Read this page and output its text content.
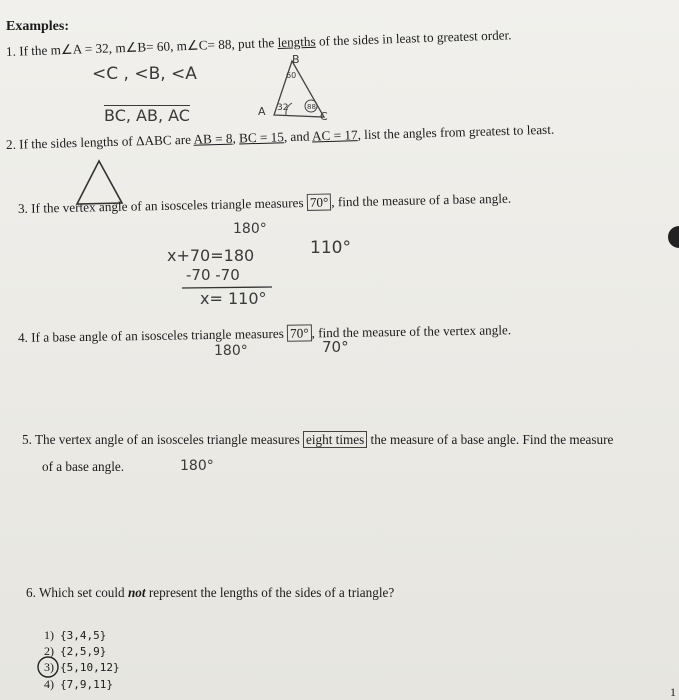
Examples:
1. If the m∠A = 32, m∠B= 60, m∠C= 88, put the lengths of the sides in least to greatest order.
<C , <B, <A
BC, AB, AC
B
60
A 32	88
C
2. If the sides lengths of ΔABC are AB = 8, BC = 15, and AC = 17, list the angles from greatest to least.
3. If the vertex angle of an isosceles triangle measures 70° , find the measure of a base angle.
180°
x+70=180
-70 -70
x= 110°
110°
4. If a base angle of an isosceles triangle measures 70° , find the measure of the vertex angle.
180°	70°
5. The vertex angle of an isosceles triangle measures eight times the measure of a base angle. Find the measure
of a base angle.	180°
6. Which set could not represent the lengths of the sides of a triangle?
1) {3,4,5}
2) {2,5,9}
3) {5,10,12}
4) {7,9,11}
1
